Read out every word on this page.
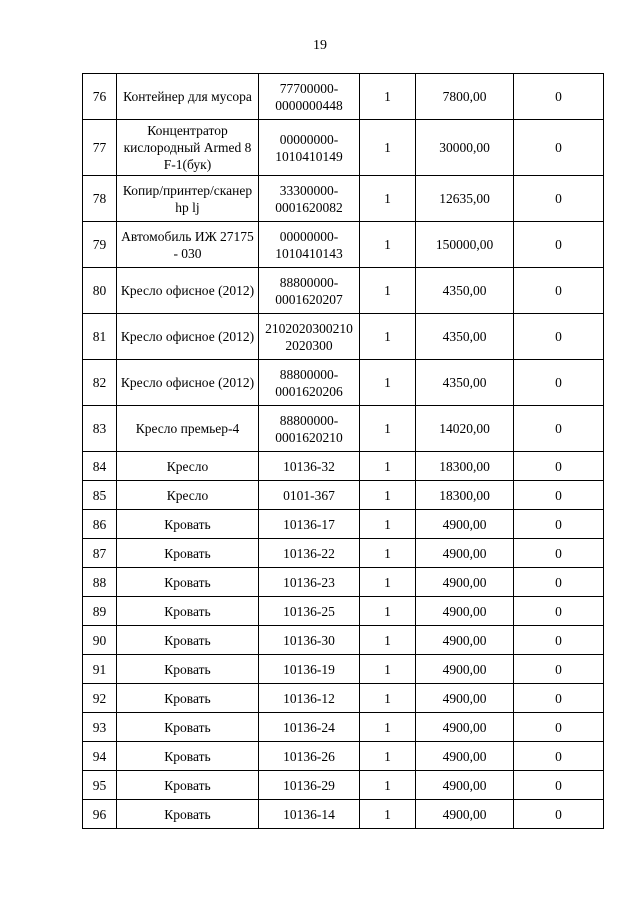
19
76	Контейнер для мусора	77700000-0000000448	1	7800,00	0
77	Концентратор кислородный Armed 8 F-1(бук)	00000000-1010410149	1	30000,00	0
78	Копир/принтер/сканер hp lj	33300000-0001620082	1	12635,00	0
79	Автомобиль ИЖ 27175 - 030	00000000-1010410143	1	150000,00	0
80	Кресло офисное (2012)	88800000-0001620207	1	4350,00	0
81	Кресло офисное (2012)	21020203002102020300	1	4350,00	0
82	Кресло офисное (2012)	88800000-0001620206	1	4350,00	0
83	Кресло премьер-4	88800000-0001620210	1	14020,00	0
84	Кресло	10136-32	1	18300,00	0
85	Кресло	0101-367	1	18300,00	0
86	Кровать	10136-17	1	4900,00	0
87	Кровать	10136-22	1	4900,00	0
88	Кровать	10136-23	1	4900,00	0
89	Кровать	10136-25	1	4900,00	0
90	Кровать	10136-30	1	4900,00	0
91	Кровать	10136-19	1	4900,00	0
92	Кровать	10136-12	1	4900,00	0
93	Кровать	10136-24	1	4900,00	0
94	Кровать	10136-26	1	4900,00	0
95	Кровать	10136-29	1	4900,00	0
96	Кровать	10136-14	1	4900,00	0
